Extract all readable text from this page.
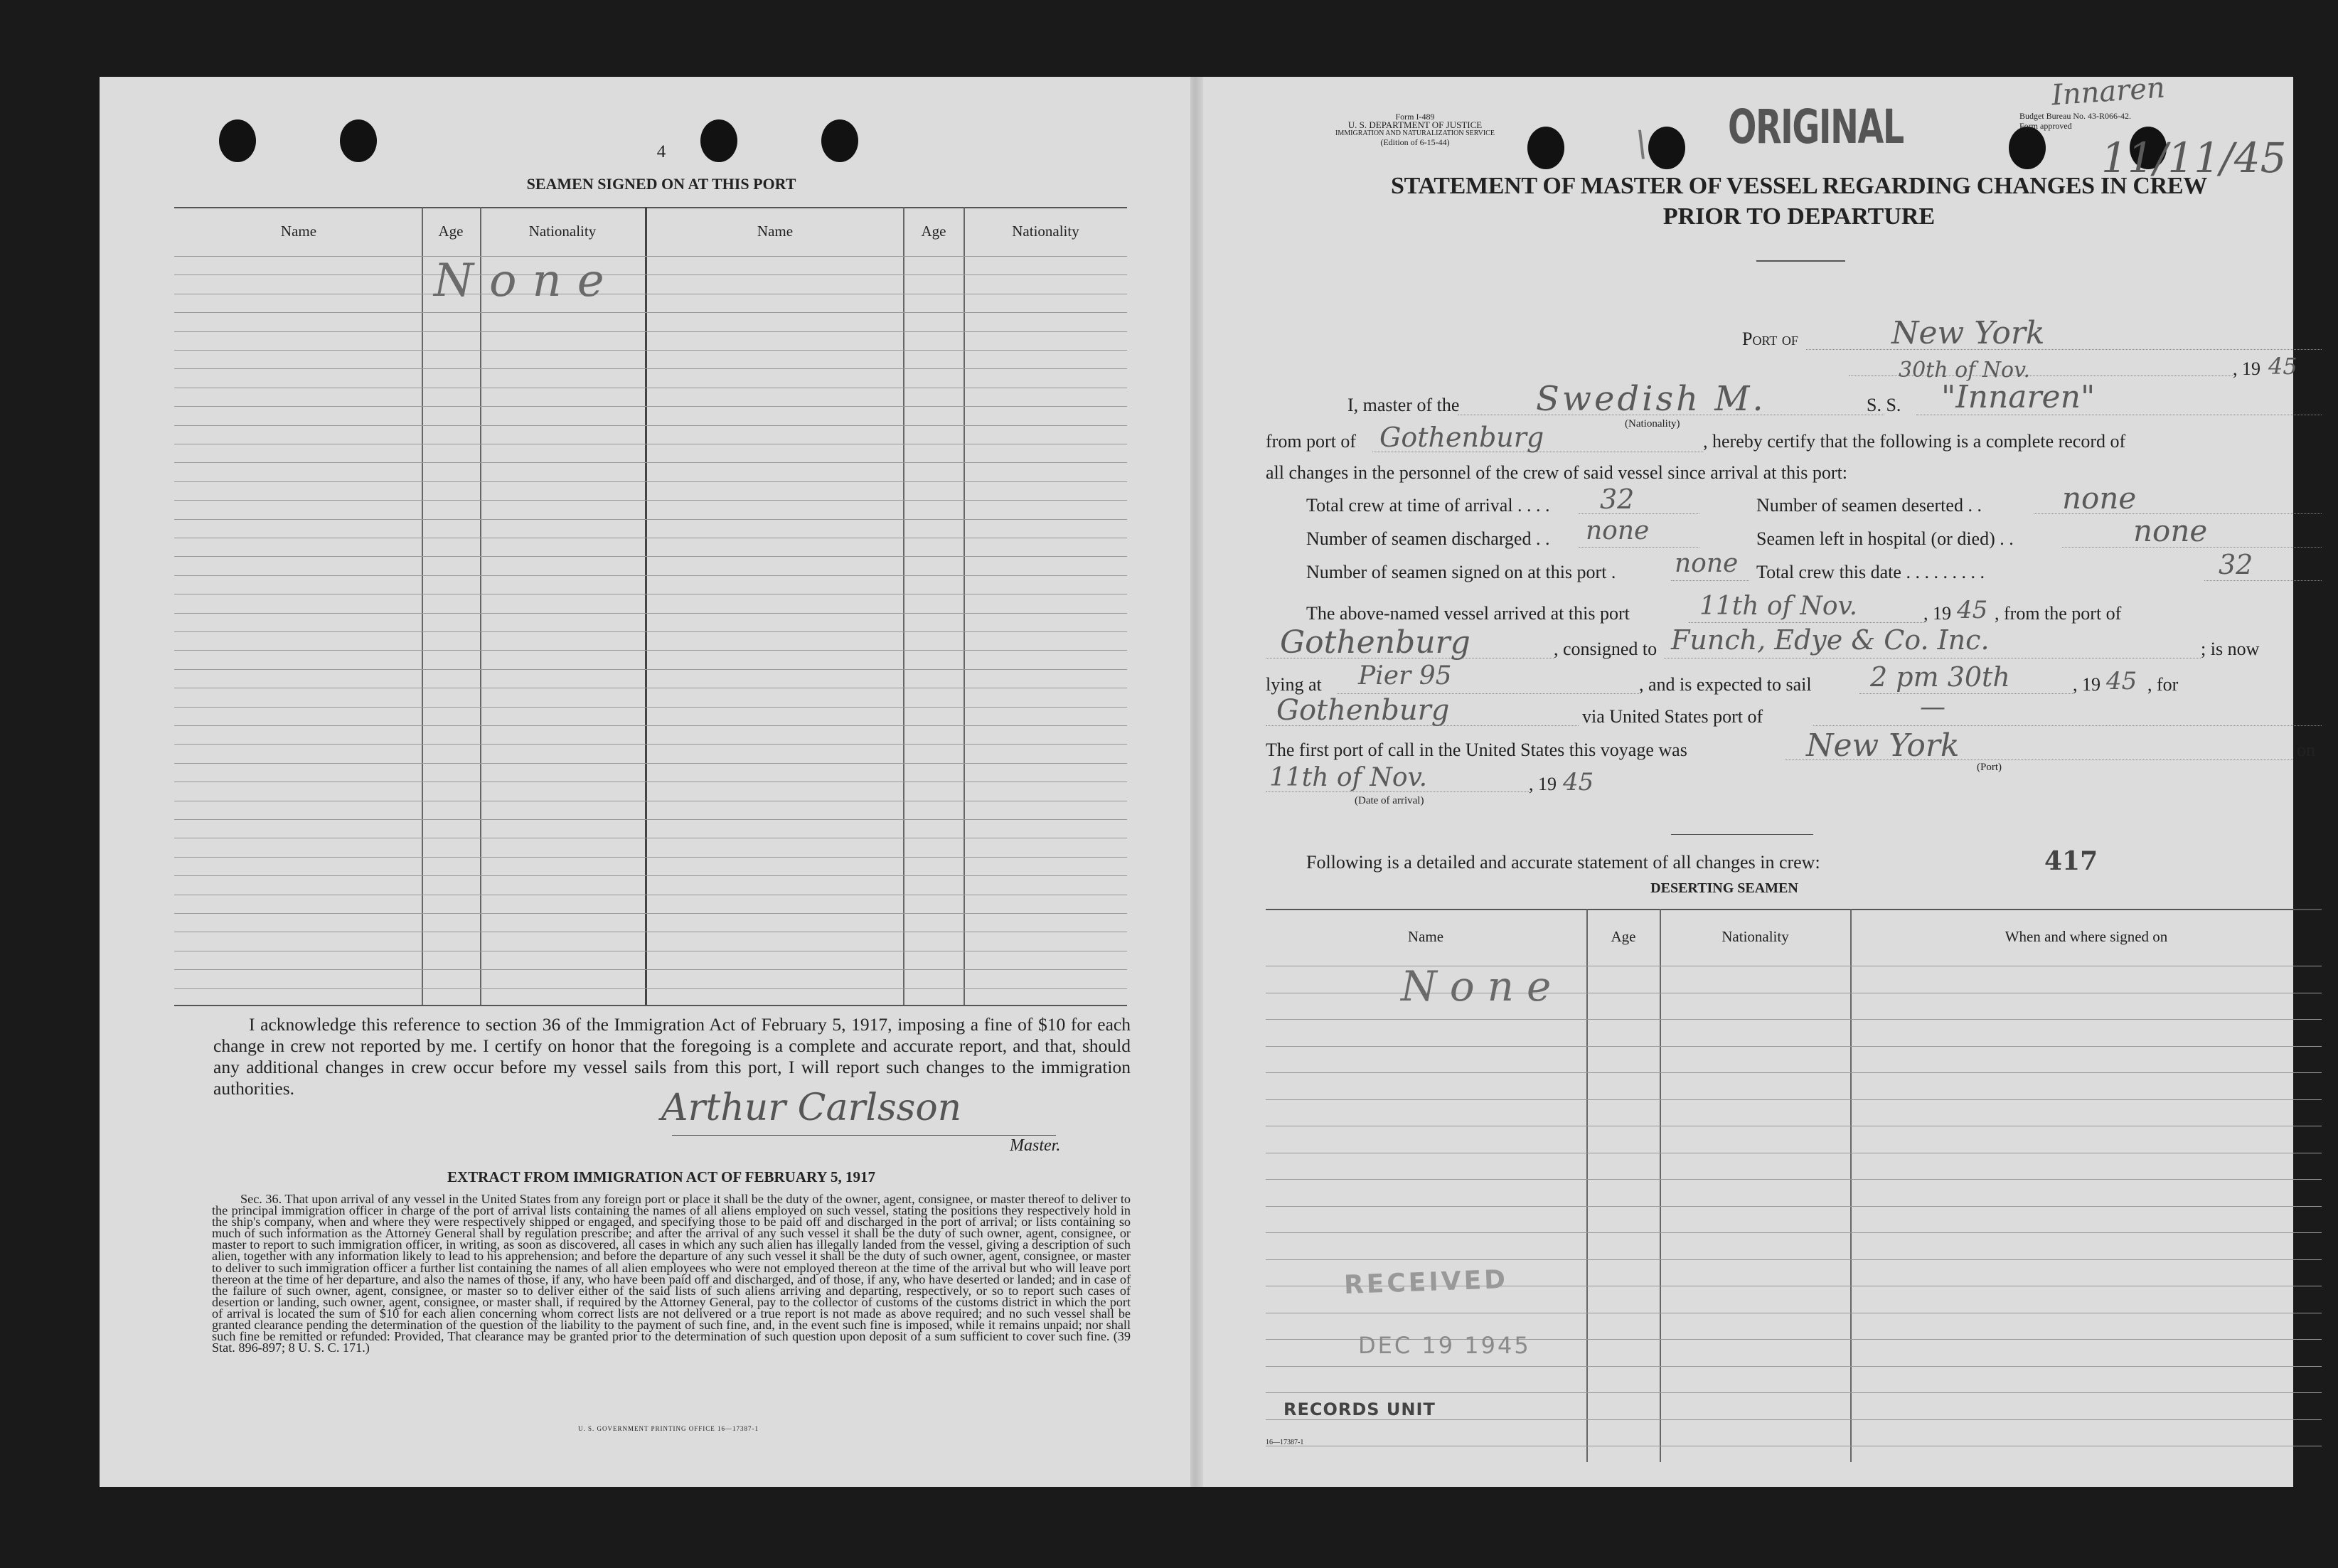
4
SEAMEN SIGNED ON AT THIS PORT
Name	Age	Nationality	Name	Age	Nationality
None
I acknowledge this reference to section 36 of the Immigration Act of February 5, 1917, imposing a fine of $10 for each change in crew not reported by me. I certify on honor that the foregoing is a complete and accurate report, and that, should any additional changes in crew occur before my vessel sails from this port, I will report such changes to the immigration authorities.	Arthur Carlsson
Master.
EXTRACT FROM IMMIGRATION ACT OF FEBRUARY 5, 1917
Sec. 36. That upon arrival of any vessel in the United States from any foreign port or place it shall be the duty of the owner, agent, consignee, or master thereof to deliver to the principal immigration officer in charge of the port of arrival lists containing the names of all aliens employed on such vessel, stating the positions they respectively hold in the ship's company, when and where they were respectively shipped or engaged, and specifying those to be paid off and discharged in the port of arrival; or lists containing so much of such information as the Attorney General shall by regulation prescribe; and after the arrival of any such vessel it shall be the duty of such owner, agent, consignee, or master to report to such immigration officer, in writing, as soon as discovered, all cases in which any such alien has illegally landed from the vessel, giving a description of such alien, together with any information likely to lead to his apprehension; and before the departure of any such vessel it shall be the duty of such owner, agent, consignee, or master to deliver to such immigration officer a further list containing the names of all alien employees who were not employed thereon at the time of the arrival but who will leave port thereon at the time of her departure, and also the names of those, if any, who have been paid off and discharged, and of those, if any, who have deserted or landed; and in case of the failure of such owner, agent, consignee, or master so to deliver either of the said lists of such aliens arriving and departing, respectively, or so to report such cases of desertion or landing, such owner, agent, consignee, or master shall, if required by the Attorney General, pay to the collector of customs of the customs district in which the port of arrival is located the sum of $10 for each alien concerning whom correct lists are not delivered or a true report is not made as above required; and no such vessel shall be granted clearance pending the determination of the question of the liability to the payment of such fine, and, in the event such fine is imposed, while it remains unpaid; nor shall such fine be remitted or refunded: Provided, That clearance may be granted prior to the determination of such question upon deposit of a sum sufficient to cover such fine. (39 Stat. 896-897; 8 U. S. C. 171.)
U. S. GOVERNMENT PRINTING OFFICE 16—17387-1
Form I-489
U. S. DEPARTMENT OF JUSTICE
IMMIGRATION AND NATURALIZATION SERVICE
(Edition of 6-15-44)	ORIGINAL
\
Budget Bureau No. 43-R066-42.
Form approved
Innaren
11/11/45
STATEMENT OF MASTER OF VESSEL REGARDING CHANGES IN CREW
PRIOR TO DEPARTURE
Port of	New York
30th of Nov.	, 19 45
I, master of the Swedish M.	S. S. "Innaren"
(Nationality)
from port of Gothenburg	, hereby certify that the following is a complete record of
all changes in the personnel of the crew of said vessel since arrival at this port:
Total crew at time of arrival . . . . 32	Number of seamen deserted . .	none
Number of seamen discharged . . none	Seamen left in hospital (or died) . .	none
Number of seamen signed on at this port . none Total crew this date . . . . . . . . .	32
The above-named vessel arrived at this port	11th of Nov.	, 19 45 , from the port of
Gothenburg	, consigned to Funch, Edye & Co. Inc.	; is now
lying at Pier 95	, and is expected to sail 2 pm 30th	, 19 45 , for
Gothenburg	via United States port of	—
The first port of call in the United States this voyage was	New York
(Port)
on
11th of Nov.	, 19 45
(Date of arrival)
Following is a detailed and accurate statement of all changes in crew:	417
DESERTING SEAMEN
Name	Age	Nationality	When and where signed on
None
RECEIVED
DEC 19 1945
RECORDS UNIT
16—17387-1
